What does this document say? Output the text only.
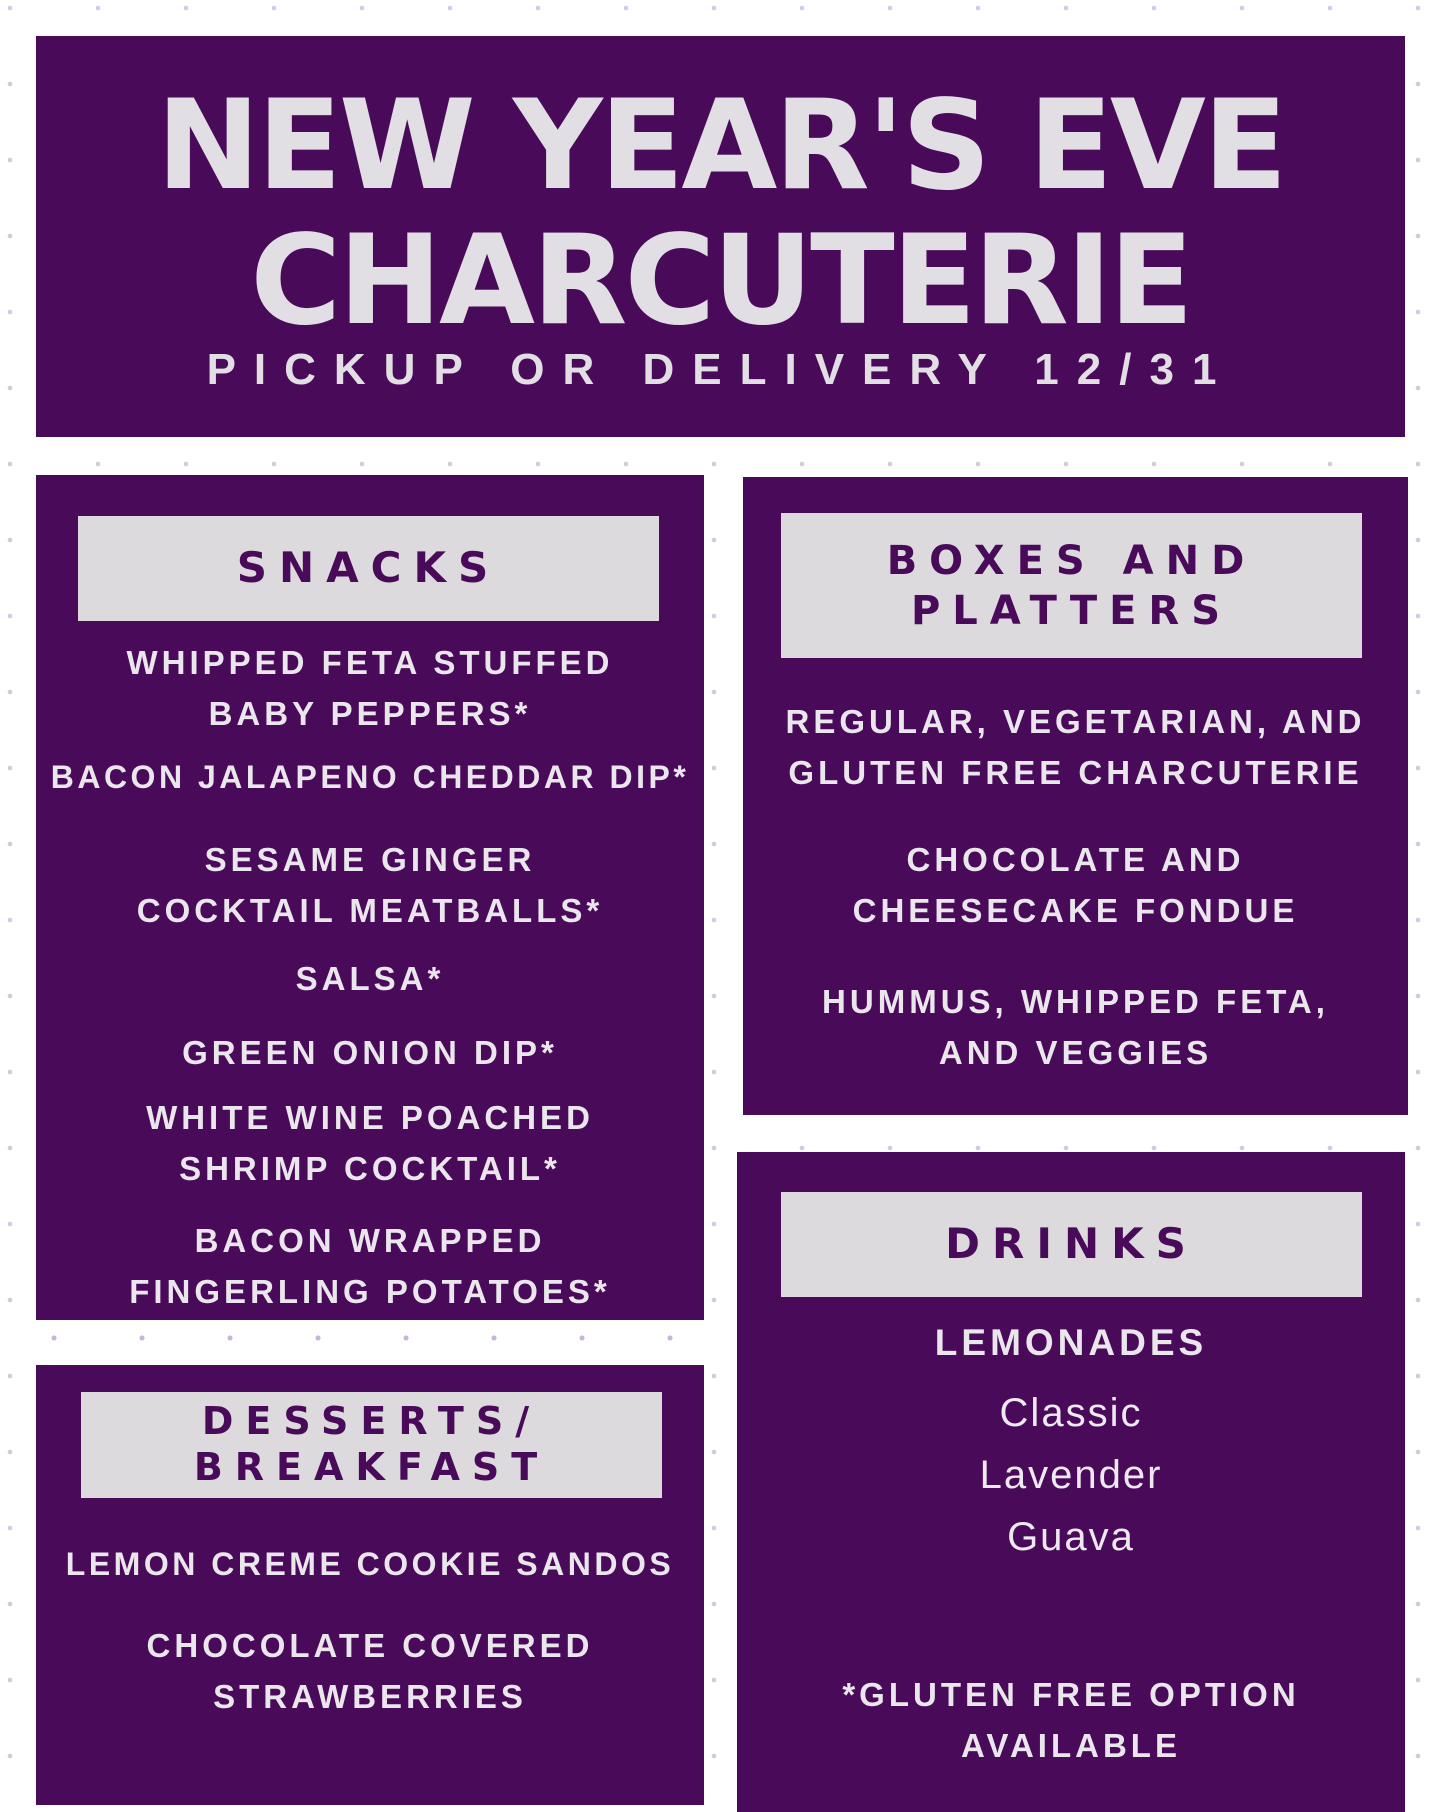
NEW YEAR'S EVE
CHARCUTERIE
PICKUP OR DELIVERY 12/31
SNACKS
WHIPPED FETA STUFFED
BABY PEPPERS*
BACON JALAPENO CHEDDAR DIP*
SESAME GINGER
COCKTAIL MEATBALLS*
SALSA*
GREEN ONION DIP*
WHITE WINE POACHED
SHRIMP COCKTAIL*
BACON WRAPPED
FINGERLING POTATOES*
BOXES AND
PLATTERS
REGULAR, VEGETARIAN, AND
GLUTEN FREE CHARCUTERIE
CHOCOLATE AND
CHEESECAKE FONDUE
HUMMUS, WHIPPED FETA,
AND VEGGIES
DESSERTS/
BREAKFAST
LEMON CREME COOKIE SANDOS
CHOCOLATE COVERED
STRAWBERRIES
DRINKS
LEMONADES
Classic
Lavender
Guava
*GLUTEN FREE OPTION
AVAILABLE
